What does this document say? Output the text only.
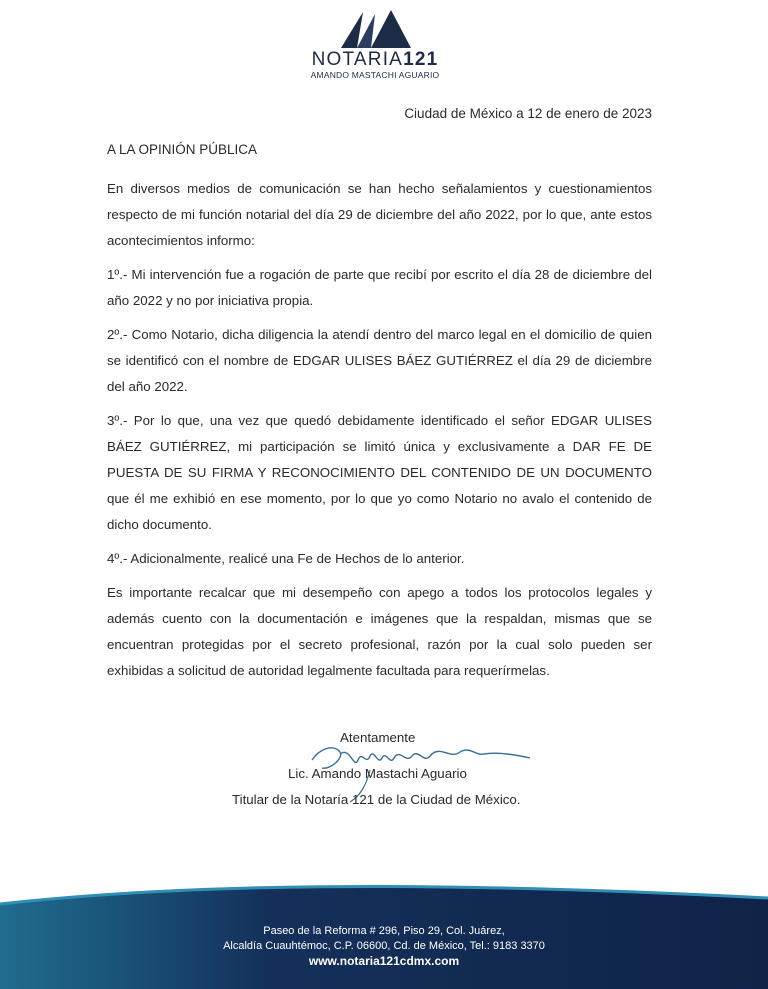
NOTARIA121
AMANDO MASTACHI AGUARIO
Ciudad de México a 12 de enero de 2023
A LA OPINIÓN PÚBLICA

En diversos medios de comunicación se han hecho señalamientos y cuestionamientos respecto de mi función notarial del día 29 de diciembre del año 2022, por lo que, ante estos acontecimientos informo:

1º.- Mi intervención fue a rogación de parte que recibí por escrito el día 28 de diciembre del año 2022 y no por iniciativa propia.

2º.- Como Notario, dicha diligencia la atendí dentro del marco legal en el domicilio de quien se identificó con el nombre de EDGAR ULISES BÁEZ GUTIÉRREZ el día 29 de diciembre del año 2022.

3º.- Por lo que, una vez que quedó debidamente identificado el señor EDGAR ULISES BÁEZ GUTIÉRREZ, mi participación se limitó única y exclusivamente a DAR FE DE PUESTA DE SU FIRMA Y RECONOCIMIENTO DEL CONTENIDO DE UN DOCUMENTO que él me exhibió en ese momento, por lo que yo como Notario no avalo el contenido de dicho documento.

4º.- Adicionalmente, realicé una Fe de Hechos de lo anterior.

Es importante recalcar que mi desempeño con apego a todos los protocolos legales y además cuento con la documentación e imágenes que la respaldan, mismas que se encuentran protegidas por el secreto profesional, razón por la cual solo pueden ser exhibidas a solicitud de autoridad legalmente facultada para requerírmelas.

Atentamente
Lic. Amando Mastachi Aguario
Titular de la Notaría 121 de la Ciudad de México.
Paseo de la Reforma # 296, Piso 29, Col. Juárez,
Alcaldía Cuauhtémoc, C.P. 06600, Cd. de México, Tel.: 9183 3370
www.notaria121cdmx.com
